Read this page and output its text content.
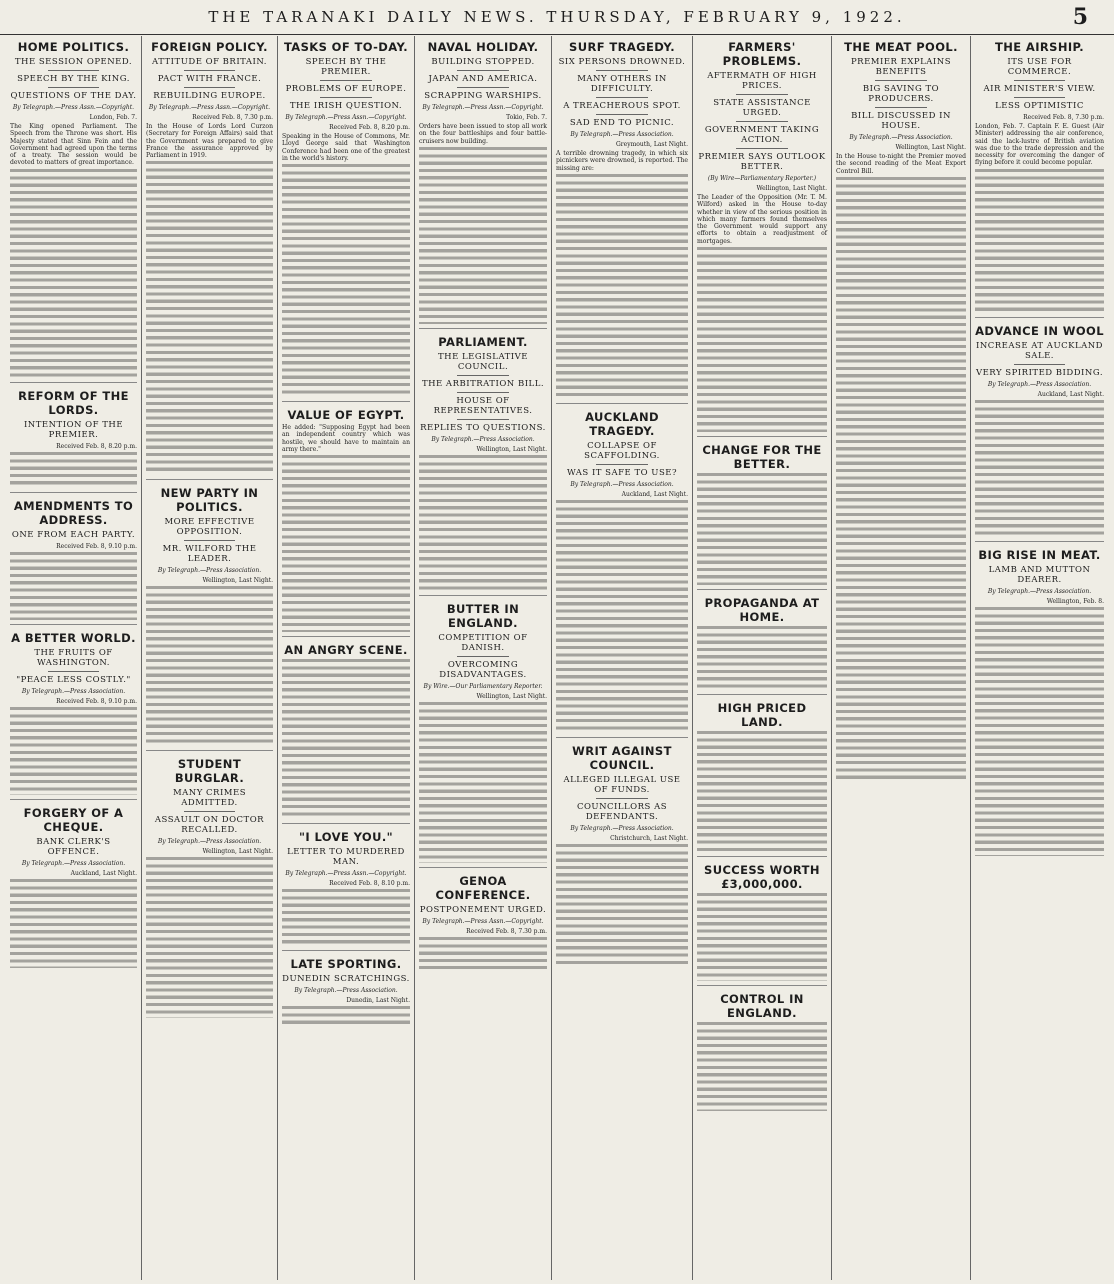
THE TARANAKI DAILY NEWS. THURSDAY, FEBRUARY 9, 1922.	5
HOME POLITICS.
THE SESSION OPENED.
SPEECH BY THE KING.
QUESTIONS OF THE DAY.
By Telegraph.—Press Assn.—Copyright.
London, Feb. 7.
The King opened Parliament. The Speech from the Throne was short. His Majesty stated that Sinn Fein and the Government had agreed upon the terms of a treaty. The session would be devoted to matters of great importance.
REFORM OF THE LORDS.
INTENTION OF THE PREMIER.
Received Feb. 8, 8.20 p.m.
AMENDMENTS TO ADDRESS.
ONE FROM EACH PARTY.
Received Feb. 8, 9.10 p.m.
A BETTER WORLD.
THE FRUITS OF WASHINGTON.
"PEACE LESS COSTLY."
By Telegraph.—Press Association.
Received Feb. 8, 9.10 p.m.
FORGERY OF A CHEQUE.
BANK CLERK'S OFFENCE.
By Telegraph.—Press Association.
Auckland, Last Night.
FOREIGN POLICY.
ATTITUDE OF BRITAIN.
PACT WITH FRANCE.
REBUILDING EUROPE.
By Telegraph.—Press Assn.—Copyright.
Received Feb. 8, 7.30 p.m.
In the House of Lords Lord Curzon (Secretary for Foreign Affairs) said that the Government was prepared to give France the assurance approved by Parliament in 1919.
NEW PARTY IN POLITICS.
MORE EFFECTIVE OPPOSITION.
MR. WILFORD THE LEADER.
By Telegraph.—Press Association.
Wellington, Last Night.
STUDENT BURGLAR.
MANY CRIMES ADMITTED.
ASSAULT ON DOCTOR RECALLED.
By Telegraph.—Press Association.
Wellington, Last Night.
TASKS OF TO-DAY.
SPEECH BY THE PREMIER.
PROBLEMS OF EUROPE.
THE IRISH QUESTION.
By Telegraph.—Press Assn.—Copyright.
Received Feb. 8, 8.20 p.m.
Speaking in the House of Commons, Mr. Lloyd George said that Washington Conference had been one of the greatest in the world's history.
VALUE OF EGYPT.
He added: "Supposing Egypt had been an independent country which was hostile, we should have to maintain an army there."
AN ANGRY SCENE.
"I LOVE YOU."
LETTER TO MURDERED MAN.
By Telegraph.—Press Assn.—Copyright.
Received Feb. 8, 8.10 p.m.
LATE SPORTING.
DUNEDIN SCRATCHINGS.
By Telegraph.—Press Association.
Dunedin, Last Night.
NAVAL HOLIDAY.
BUILDING STOPPED.
JAPAN AND AMERICA.
SCRAPPING WARSHIPS.
By Telegraph.—Press Assn.—Copyright.
Tokio, Feb. 7.
Orders have been issued to stop all work on the four battleships and four battle-cruisers now building.
PARLIAMENT.
THE LEGISLATIVE COUNCIL.
THE ARBITRATION BILL.
HOUSE OF REPRESENTATIVES.
REPLIES TO QUESTIONS.
By Telegraph.—Press Association.
Wellington, Last Night.
BUTTER IN ENGLAND.
COMPETITION OF DANISH.
OVERCOMING DISADVANTAGES.
By Wire.—Our Parliamentary Reporter.
Wellington, Last Night.
GENOA CONFERENCE.
POSTPONEMENT URGED.
By Telegraph.—Press Assn.—Copyright.
Received Feb. 8, 7.30 p.m.
SURF TRAGEDY.
SIX PERSONS DROWNED.
MANY OTHERS IN DIFFICULTY.
A TREACHEROUS SPOT.
SAD END TO PICNIC.
By Telegraph.—Press Association.
Greymouth, Last Night.
A terrible drowning tragedy, in which six picnickers were drowned, is reported. The missing are:
AUCKLAND TRAGEDY.
COLLAPSE OF SCAFFOLDING.
WAS IT SAFE TO USE?
By Telegraph.—Press Association.
Auckland, Last Night.
WRIT AGAINST COUNCIL.
ALLEGED ILLEGAL USE OF FUNDS.
COUNCILLORS AS DEFENDANTS.
By Telegraph.—Press Association.
Christchurch, Last Night.
FARMERS' PROBLEMS.
AFTERMATH OF HIGH PRICES.
STATE ASSISTANCE URGED.
GOVERNMENT TAKING ACTION.
PREMIER SAYS OUTLOOK BETTER.
(By Wire—Parliamentary Reporter.)
Wellington, Last Night.
The Leader of the Opposition (Mr. T. M. Wilford) asked in the House to-day whether in view of the serious position in which many farmers found themselves the Government would support any efforts to obtain a readjustment of mortgages.
CHANGE FOR THE BETTER.
PROPAGANDA AT HOME.
HIGH PRICED LAND.
SUCCESS WORTH £3,000,000.
CONTROL IN ENGLAND.
THE MEAT POOL.
PREMIER EXPLAINS BENEFITS
BIG SAVING TO PRODUCERS.
BILL DISCUSSED IN HOUSE.
By Telegraph.—Press Association.
Wellington, Last Night.
In the House to-night the Premier moved the second reading of the Meat Export Control Bill.
THE AIRSHIP.
ITS USE FOR COMMERCE.
AIR MINISTER'S VIEW.
LESS OPTIMISTIC
Received Feb. 8, 7.30 p.m.
London, Feb. 7. Captain F. E. Guest (Air Minister) addressing the air conference, said the lack-lustre of British aviation was due to the trade depression and the necessity for overcoming the danger of flying before it could become popular.
ADVANCE IN WOOL
INCREASE AT AUCKLAND SALE.
VERY SPIRITED BIDDING.
By Telegraph.—Press Association.
Auckland, Last Night.
BIG RISE IN MEAT.
LAMB AND MUTTON DEARER.
By Telegraph.—Press Association.
Wellington, Feb. 8.
